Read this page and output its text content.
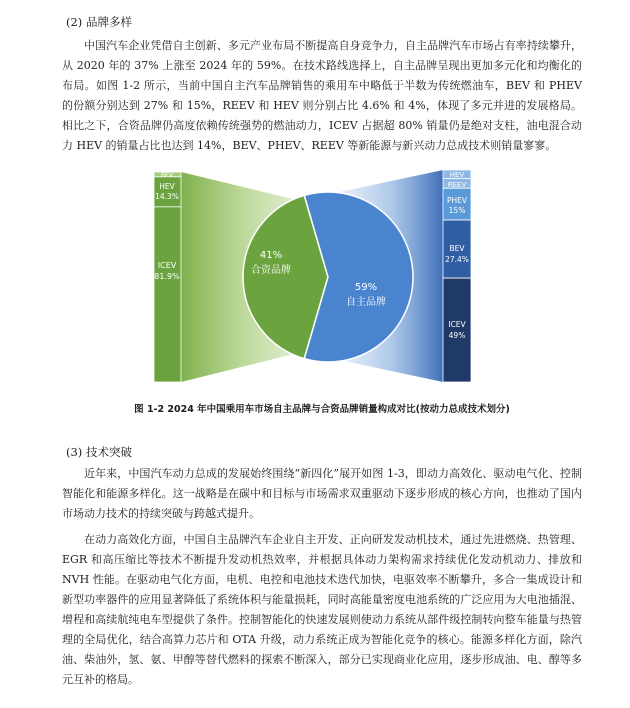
(2) 品牌多样
中国汽车企业凭借自主创新、多元产业布局不断提高自身竞争力，自主品牌汽车市场占有率持续攀升，从 2020 年的 37% 上涨至 2024 年的 59%。在技术路线选择上，自主品牌呈现出更加多元化和均衡化的布局。如图 1-2 所示，当前中国自主汽车品牌销售的乘用车中略低于半数为传统燃油车，BEV 和 PHEV 的份额分别达到 27% 和 15%，REEV 和 HEV 则分别占比 4.6% 和 4%，体现了多元并进的发展格局。相比之下，合资品牌仍高度依赖传统强势的燃油动力，ICEV 占据超 80% 销量仍是绝对支柱，油电混合动力 HEV 的销量占比也达到 14%，BEV、PHEV、REEV 等新能源与新兴动力总成技术则销量寥寥。
41%
合资品牌
59%
自主品牌
BEV
HEV
14.3%
ICEV
81.9%
HEV
REEV
PHEV
15%
BEV
27.4%
ICEV
49%
图 1-2 2024 年中国乘用车市场自主品牌与合资品牌销量构成对比(按动力总成技术划分)
(3) 技术突破
近年来，中国汽车动力总成的发展始终围绕“新四化”展开如图 1-3，即动力高效化、驱动电气化、控制智能化和能源多样化。这一战略是在碳中和目标与市场需求双重驱动下逐步形成的核心方向，也推动了国内市场动力技术的持续突破与跨越式提升。
在动力高效化方面，中国自主品牌汽车企业自主开发、正向研发发动机技术，通过先进燃烧、热管理、EGR 和高压缩比等技术不断提升发动机热效率，并根据具体动力架构需求持续优化发动机动力、排放和 NVH 性能。在驱动电气化方面，电机、电控和电池技术迭代加快，电驱效率不断攀升，多合一集成设计和新型功率器件的应用显著降低了系统体积与能量损耗，同时高能量密度电池系统的广泛应用为大电池插混、增程和高续航纯电车型提供了条件。控制智能化的快速发展则使动力系统从部件级控制转向整车能量与热管理的全局优化，结合高算力芯片和 OTA 升级，动力系统正成为智能化竞争的核心。能源多样化方面，除汽油、柴油外，氢、氨、甲醇等替代燃料的探索不断深入，部分已实现商业化应用，逐步形成油、电、醇等多元互补的格局。
